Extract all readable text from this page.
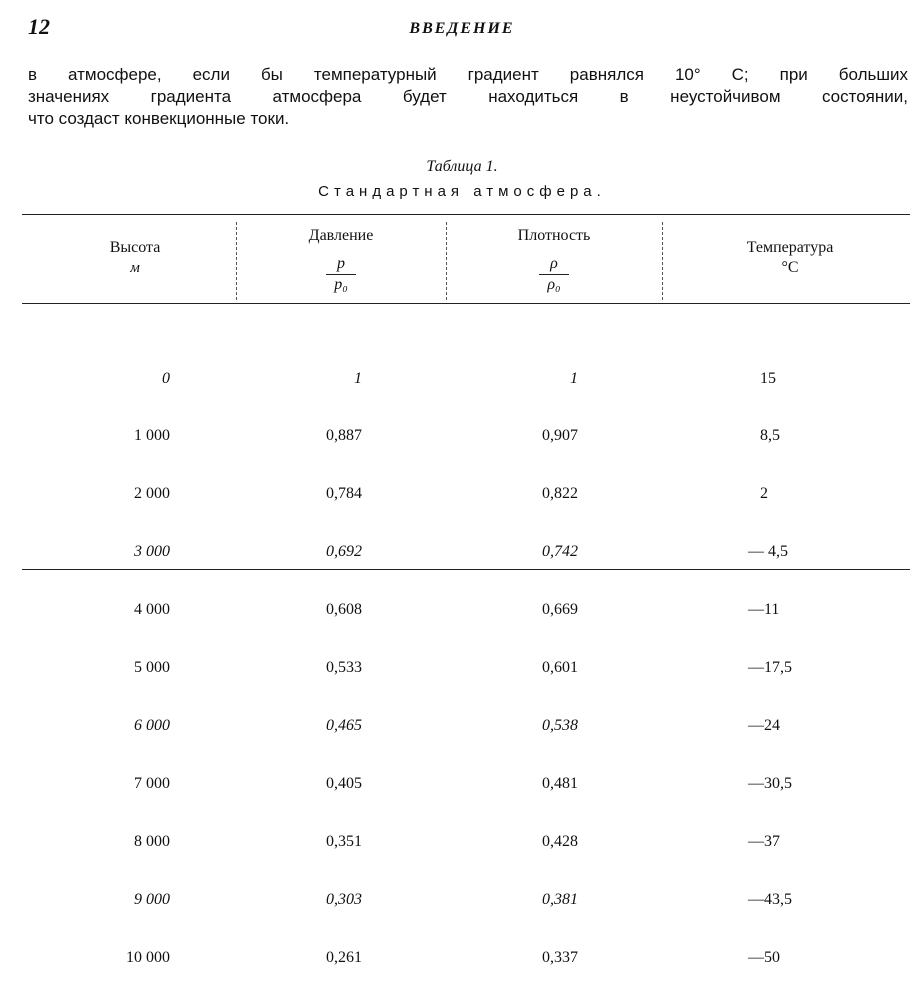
12	ВВЕДЕНИЕ
в атмосфере, если бы температурный градиент равнялся 10° С; при больших
значениях градиента атмосфера будет находиться в неустойчивом состоянии,
что создаст конвекционные токи.
Таблица 1.
Стандартная атмосфера.
Высота
м
Давление
$\frac{p}{\text{p₀}}$
Плотность
$\frac{\rho}{\text{ρ₀}}$
Температура
°С

0

1 000

2 000

3 000

4 000

5 000

6 000

7 000

8 000

9 000

10 000

1

0,887

0,784

0,692

0,608

0,533

0,465

0,405

0,351

0,303

0,261

1

0,907

0,822

0,742

0,669

0,601

0,538

0,481

0,428

0,381

0,337

15

8,5

2

— 4,5

—11

—17,5

—24

—30,5

—37

—43,5

—50
